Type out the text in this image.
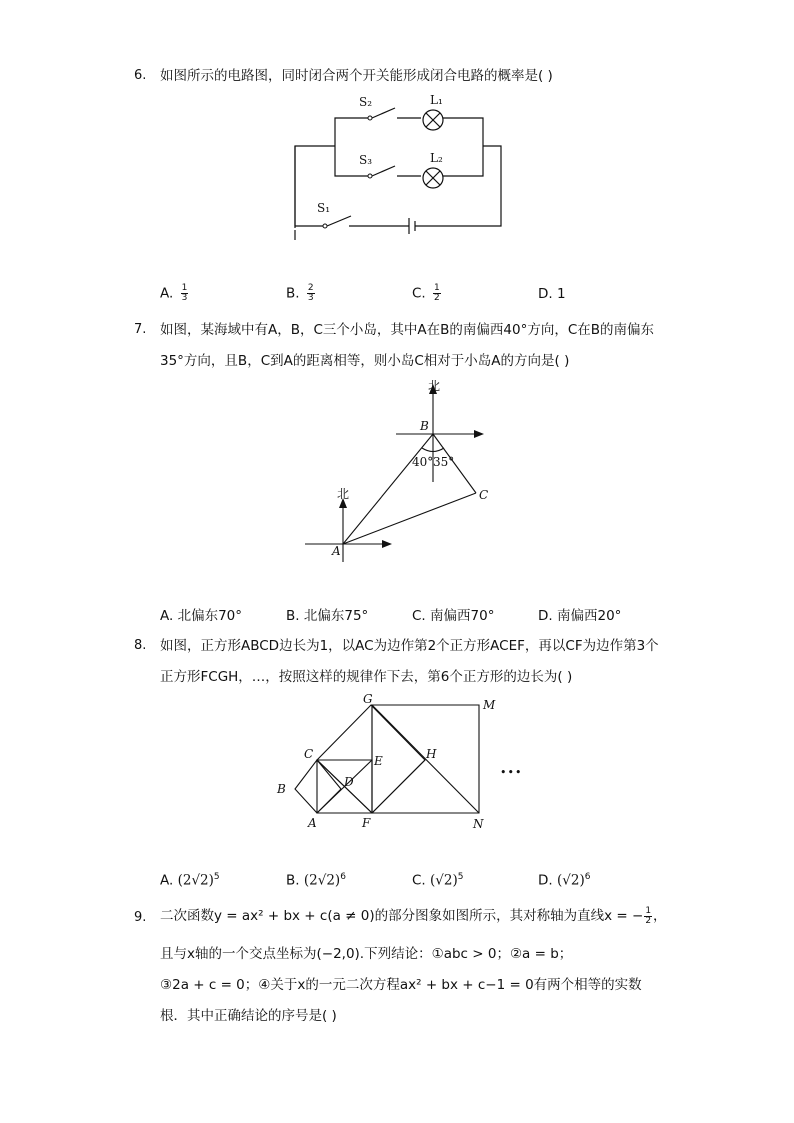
6. 如图所示的电路图，同时闭合两个开关能形成闭合电路的概率是( )
S₂	L₁
S₃	L₂
S₁
A. $\frac{1}{3}$	B. $\frac{2}{3}$	C. $\frac{1}{2}$	D. 1
7. 如图，某海域中有A，B，C三个小岛，其中A在B的南偏西40°方向，C在B的南偏东
35°方向，且B，C到A的距离相等，则小岛C相对于小岛A的方向是( )
北
北
B
A
C
40° 35°
A. 北偏东70°	B. 北偏东75°	C. 南偏西70°	D. 南偏西20°
8. 如图，正方形ABCD边长为1，以AC为边作第2个正方形ACEF，再以CF为边作第3个
正方形FCGH，…，按照这样的规律作下去，第6个正方形的边长为( )
G	M
C	E	H
B	D
A	F	N
•••
A. $(2√2)^5$	B. $(2√2)^6$	C. $(√2)^5$	D. $(√2)^6$
9. 二次函数y = ax² + bx + c(a ≠ 0)的部分图象如图所示，其对称轴为直线x = − $\frac{1}{2}$ ，
且与x轴的一个交点坐标为(−2,0).下列结论：①abc > 0；②a = b；
③2a + c = 0；④关于x的一元二次方程ax² + bx + c−1 = 0有两个相等的实数
根．其中正确结论的序号是( )
